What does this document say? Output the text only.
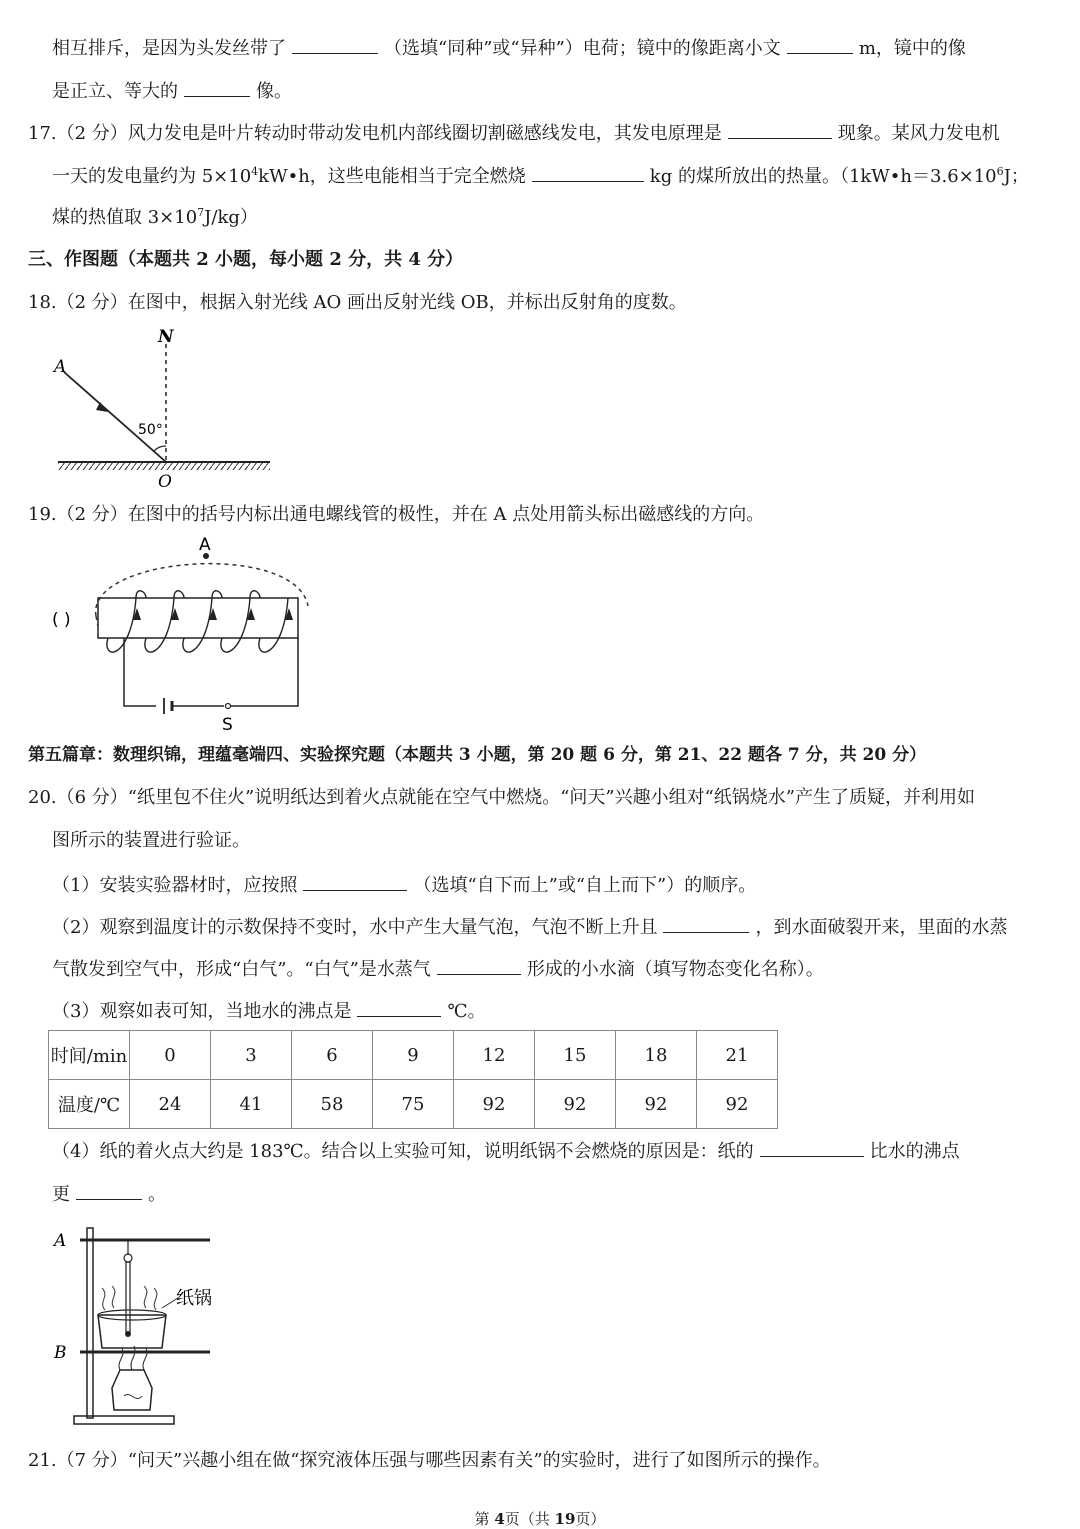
相互排斥，是因为头发丝带了	（选填“同种”或“异种”）电荷；镜中的像距离小文	m，镜中的像
是正立、等大的	像。
17.（2 分）风力发电是叶片转动时带动发电机内部线圈切割磁感线发电，其发电原理是	现象。某风力发电机
一天的发电量约为 $5\times 10^4kW•h$，这些电能相当于完全燃烧	kg 的煤所放出的热量。（$1kW•h=3.6\times 10^6J$；
煤的热值取 $3\times 10^7J/kg$）
三、作图题（本题共 2 小题，每小题 2 分，共 4 分）
18.（2 分）在图中，根据入射光线 AO 画出反射光线 OB，并标出反射角的度数。
A
N
50°
O
19.（2 分）在图中的括号内标出通电螺线管的极性，并在 A 点处用箭头标出磁感线的方向。
A
( )
S
第五篇章：数理织锦，理蕴毫端四、实验探究题（本题共 3 小题，第 20 题 6 分，第 21、22 题各 7 分，共 20 分）
20.（6 分）“纸里包不住火”说明纸达到着火点就能在空气中燃烧。“问天”兴趣小组对“纸锅烧水”产生了质疑，并利用如
图所示的装置进行验证。
（1）安装实验器材时，应按照	（选填“自下而上”或“自上而下”）的顺序。
（2）观察到温度计的示数保持不变时，水中产生大量气泡，气泡不断上升且	，到水面破裂开来，里面的水蒸
气散发到空气中，形成“白气”。“白气”是水蒸气	形成的小水滴（填写物态变化名称）。
（3）观察如表可知，当地水的沸点是	℃。
时间/min	0	3	6	9	12	15	18	21
温度/℃	24	41	58	75	92	92	92	92
（4）纸的着火点大约是 183℃。结合以上实验可知，说明纸锅不会燃烧的原因是：纸的	比水的沸点
更	。
纸锅
A
B
21.（7 分）“问天”兴趣小组在做“探究液体压强与哪些因素有关”的实验时，进行了如图所示的操作。
第 4页（共 19页）
